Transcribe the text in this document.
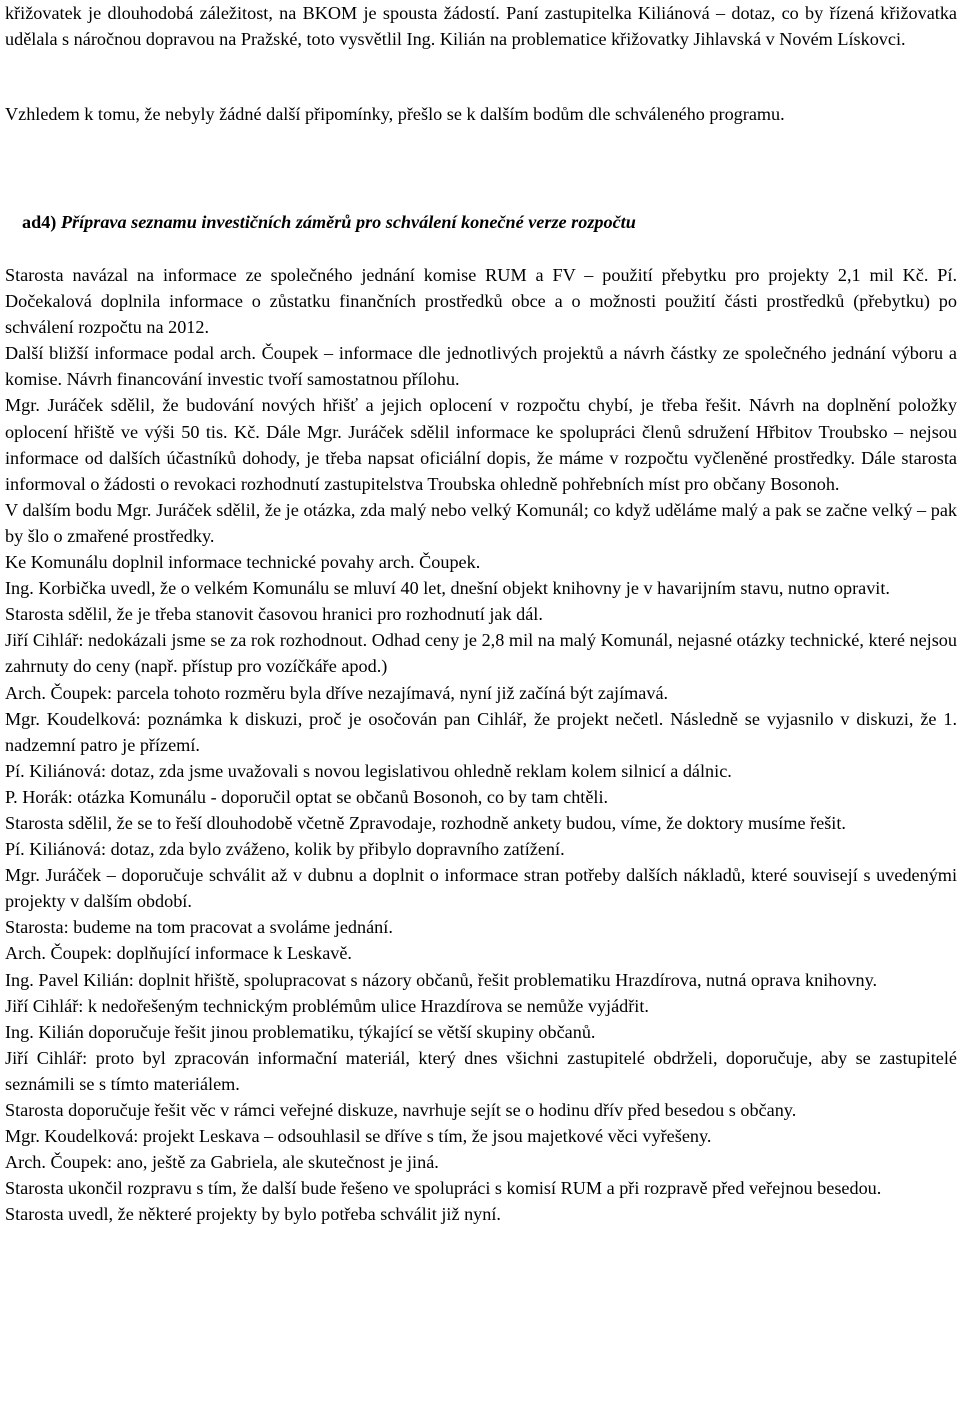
křižovatek je dlouhodobá záležitost, na BKOM je spousta žádostí. Paní zastupitelka Kiliánová – dotaz, co by řízená křižovatka udělala s náročnou dopravou na Pražské, toto vysvětlil Ing. Kilián na problematice křižovatky Jihlavská v Novém Lískovci.

Vzhledem k tomu, že nebyly žádné další připomínky, přešlo se k dalším bodům dle schváleného programu.

ad4) Příprava seznamu investičních záměrů pro schválení konečné verze rozpočtu

Starosta navázal na informace ze společného jednání komise RUM a FV – použití přebytku pro projekty 2,1 mil Kč. Pí. Dočekalová doplnila informace o zůstatku finančních prostředků obce a o možnosti použití části prostředků (přebytku) po schválení rozpočtu na 2012.

Další bližší informace podal arch. Čoupek – informace dle jednotlivých projektů a návrh částky ze společného jednání výboru a komise. Návrh financování investic tvoří samostatnou přílohu.

Mgr. Juráček sdělil, že budování nových hřišť a jejich oplocení v rozpočtu chybí, je třeba řešit. Návrh na doplnění položky oplocení hřiště ve výši 50 tis. Kč. Dále Mgr. Juráček sdělil informace ke spolupráci členů sdružení Hřbitov Troubsko – nejsou informace od dalších účastníků dohody, je třeba napsat oficiální dopis, že máme v rozpočtu vyčleněné prostředky. Dále starosta informoval o žádosti o revokaci rozhodnutí zastupitelstva Troubska ohledně pohřebních míst pro občany Bosonoh.

V dalším bodu Mgr. Juráček sdělil, že je otázka, zda malý nebo velký Komunál; co když uděláme malý a pak se začne velký – pak by šlo o zmařené prostředky.

Ke Komunálu doplnil informace technické povahy arch. Čoupek.

Ing. Korbička uvedl, že o velkém Komunálu se mluví 40 let, dnešní objekt knihovny je v havarijním stavu, nutno opravit.

Starosta sdělil, že je třeba stanovit časovou hranici pro rozhodnutí jak dál.

Jiří Cihlář: nedokázali jsme se za rok rozhodnout. Odhad ceny je 2,8 mil na malý Komunál, nejasné otázky technické, které nejsou zahrnuty do ceny (např. přístup pro vozíčkáře apod.)

Arch. Čoupek: parcela tohoto rozměru byla dříve nezajímavá, nyní již začíná být zajímavá.

Mgr. Koudelková: poznámka k diskuzi, proč je osočován pan Cihlář, že projekt nečetl. Následně se vyjasnilo v diskuzi, že 1. nadzemní patro je přízemí.

Pí. Kiliánová: dotaz, zda jsme uvažovali s novou legislativou ohledně reklam kolem silnicí a dálnic.

P. Horák: otázka Komunálu - doporučil optat se občanů Bosonoh, co by tam chtěli.

Starosta sdělil, že se to řeší dlouhodobě včetně Zpravodaje, rozhodně ankety budou, víme, že doktory musíme řešit.

Pí. Kiliánová: dotaz, zda bylo zváženo, kolik by přibylo dopravního zatížení.

Mgr. Juráček – doporučuje schválit až v dubnu a doplnit o informace stran potřeby dalších nákladů, které souvisejí s uvedenými projekty v dalším období.

Starosta: budeme na tom pracovat a svoláme jednání.

Arch. Čoupek: doplňující informace k Leskavě.

Ing. Pavel Kilián: doplnit hřiště, spolupracovat s názory občanů, řešit problematiku Hrazdírova, nutná oprava knihovny.

Jiří Cihlář: k nedořešeným technickým problémům ulice Hrazdírova se nemůže vyjádřit.

Ing. Kilián doporučuje řešit jinou problematiku, týkající se větší skupiny občanů.

Jiří Cihlář: proto byl zpracován informační materiál, který dnes všichni zastupitelé obdrželi, doporučuje, aby se zastupitelé seznámili se s tímto materiálem.

Starosta doporučuje řešit věc v rámci veřejné diskuze, navrhuje sejít se o hodinu dřív před besedou s občany.

Mgr. Koudelková: projekt Leskava – odsouhlasil se dříve s tím, že jsou majetkové věci vyřešeny.

Arch. Čoupek: ano, ještě za Gabriela, ale skutečnost je jiná.

Starosta ukončil rozpravu s tím, že další bude řešeno ve spolupráci s komisí RUM a při rozpravě před veřejnou besedou.

Starosta uvedl, že některé projekty by bylo potřeba schválit již nyní.
